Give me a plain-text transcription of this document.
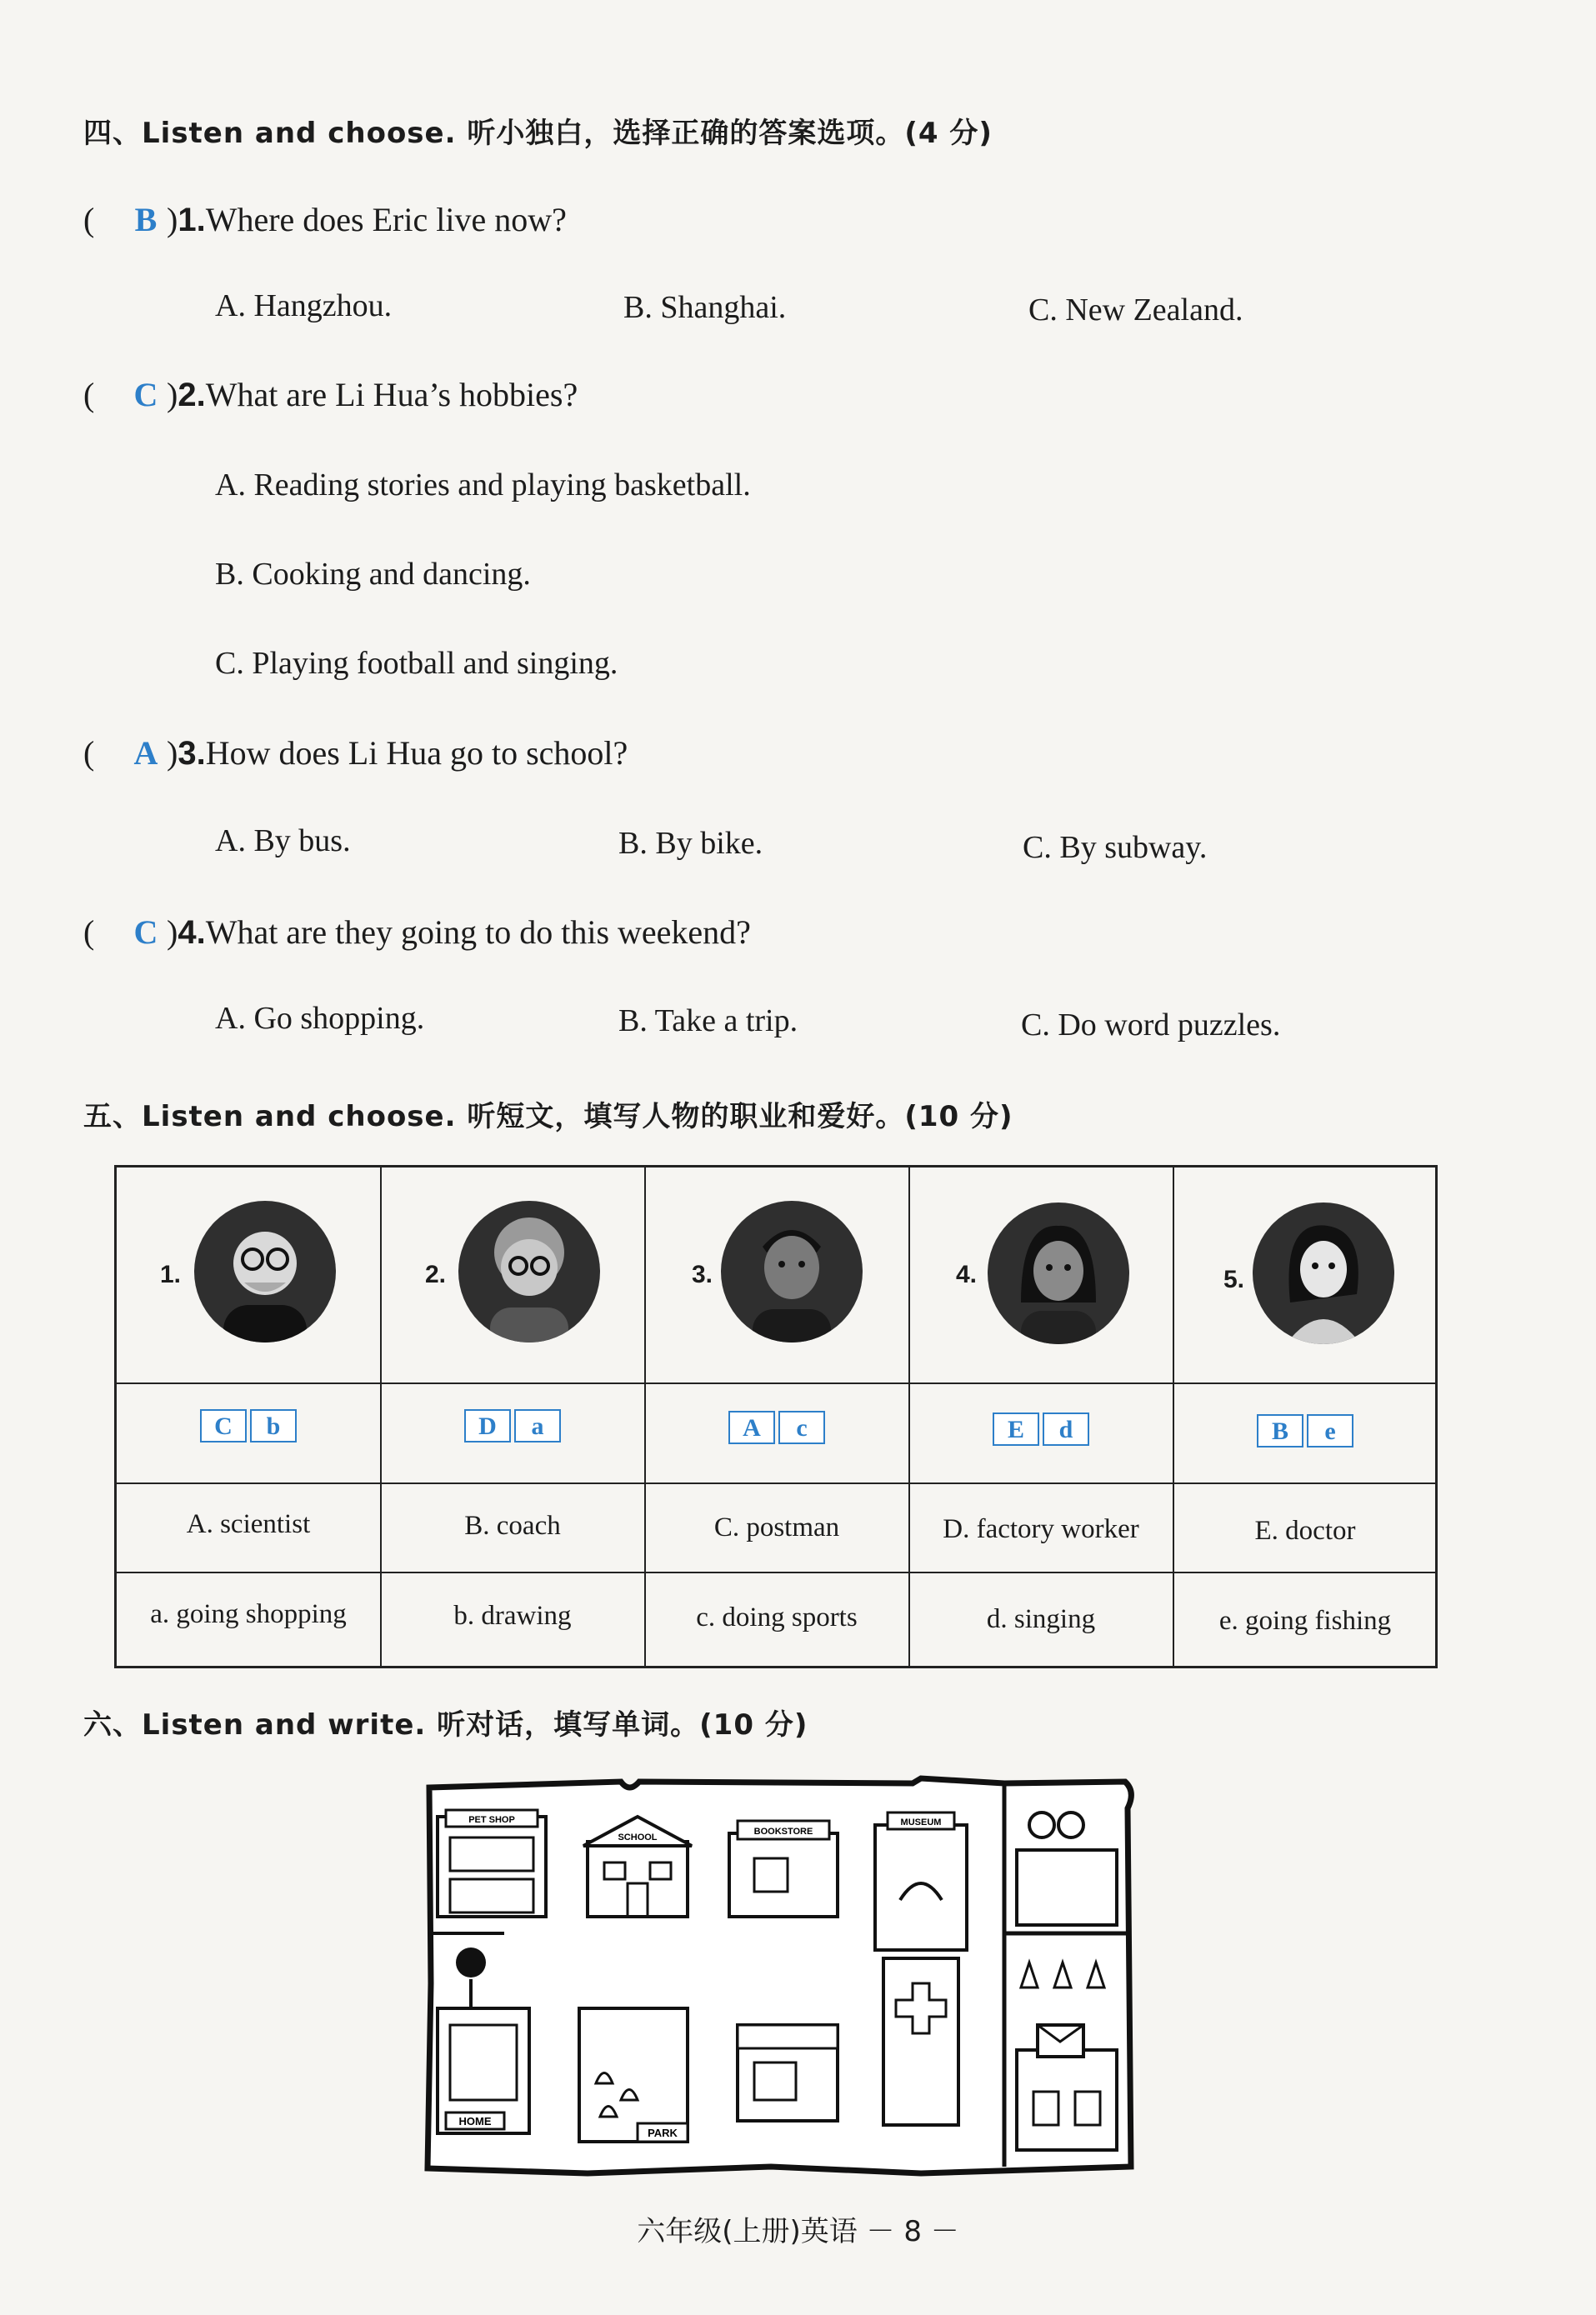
四、Listen and choose. 听小独白，选择正确的答案选项。(4 分)
( B )1.Where does Eric live now?
A. Hangzhou.	B. Shanghai.	C. New Zealand.
( C )2.What are Li Hua’s hobbies?
A. Reading stories and playing basketball.
B. Cooking and dancing.
C. Playing football and singing.
( A )3.How does Li Hua go to school?
A. By bus.	B. By bike.	C. By subway.
( C )4.What are they going to do this weekend?
A. Go shopping.	B. Take a trip.	C. Do word puzzles.
五、Listen and choose. 听短文，填写人物的职业和爱好。(10 分)
1.	2.	3.	4.	5.
C b	D a	A c	E d	B e
A. scientist	B. coach	C. postman	D. factory worker	E. doctor
a. going shopping	b. drawing	c. doing sports	d. singing	e. going fishing
六、Listen and write. 听对话，填写单词。(10 分)
PET SHOP
SCHOOL
BOOKSTORE
MUSEUM
HOME
PARK
六年级(上册)英语 － 8 －
